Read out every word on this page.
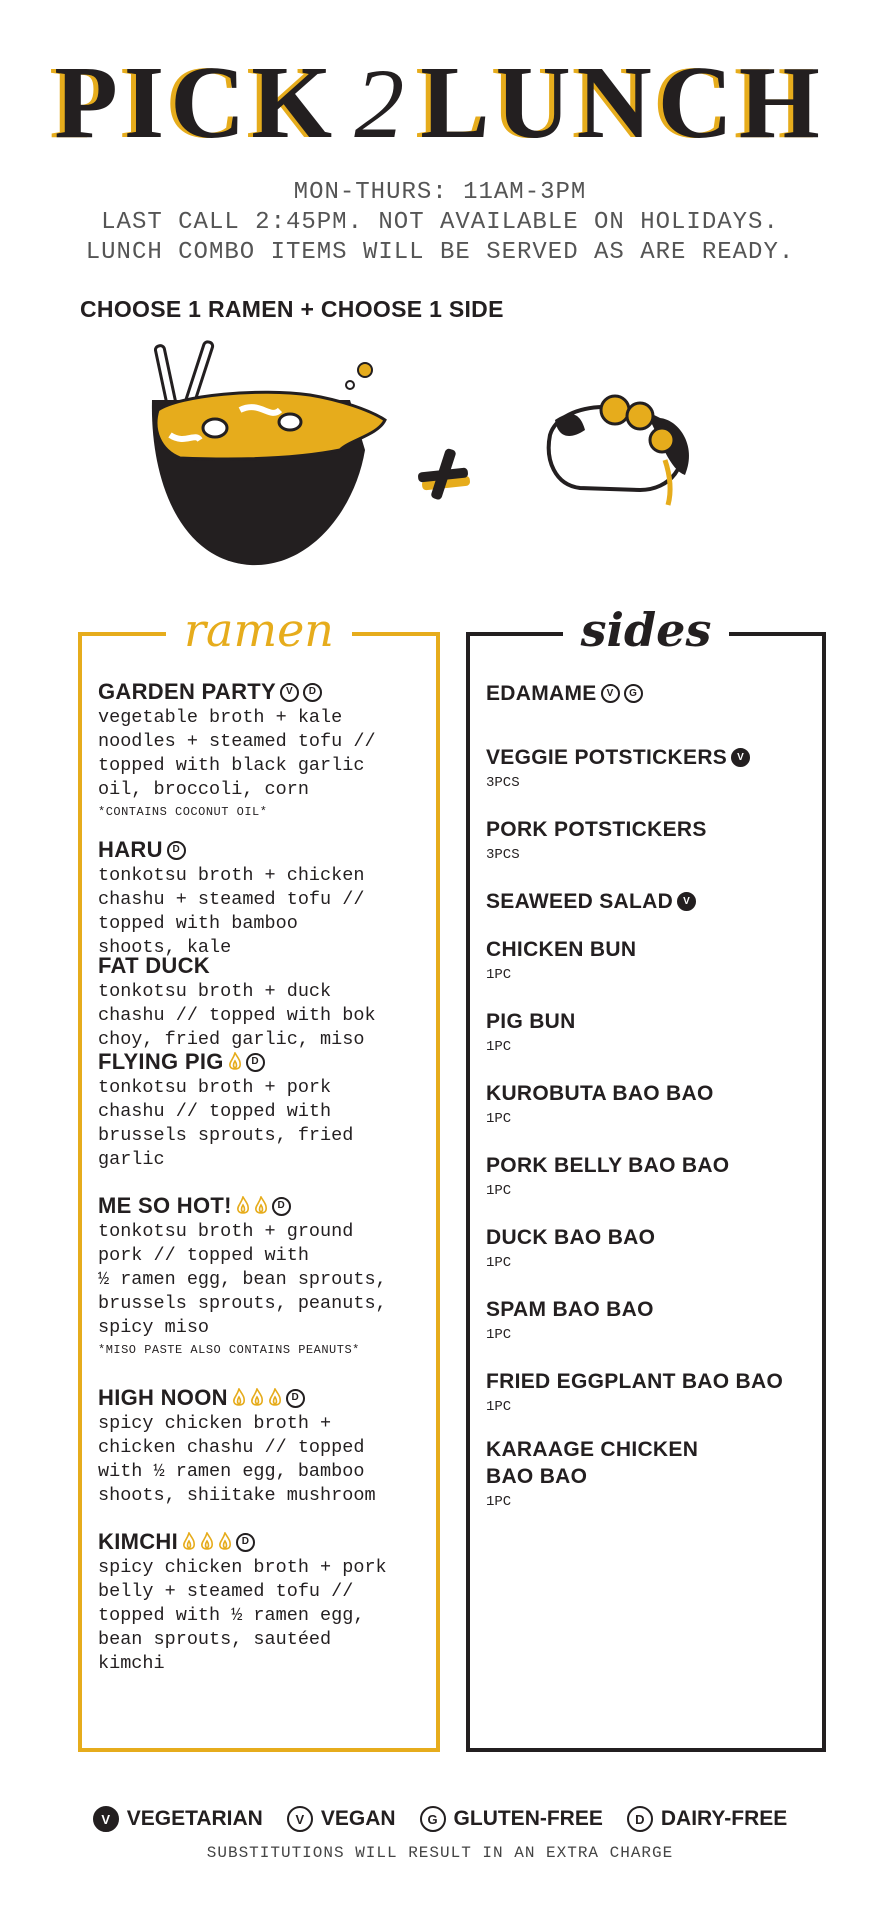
PICK 2 LUNCH
MON-THURS: 11AM-3PM
LAST CALL 2:45PM. NOT AVAILABLE ON HOLIDAYS.
LUNCH COMBO ITEMS WILL BE SERVED AS ARE READY.
CHOOSE 1 RAMEN + CHOOSE 1 SIDE
ramen
GARDEN PARTY	V	D
vegetable broth + kale
noodles + steamed tofu //
topped with black garlic
oil, broccoli, corn
*CONTAINS COCONUT OIL*
HARU D
tonkotsu broth + chicken
chashu + steamed tofu //
topped with bamboo
shoots, kale
FAT DUCK
tonkotsu broth + duck
chashu // topped with bok
choy, fried garlic, miso
FLYING PIG	D
tonkotsu broth + pork
chashu // topped with
brussels sprouts, fried
garlic
ME SO HOT!	D
tonkotsu broth + ground
pork // topped with
½ ramen egg, bean sprouts,
brussels sprouts, peanuts,
spicy miso
*MISO PASTE ALSO CONTAINS PEANUTS*
HIGH NOON	D
spicy chicken broth +
chicken chashu // topped
with ½ ramen egg, bamboo
shoots, shiitake mushroom
KIMCHI	D
spicy chicken broth + pork
belly + steamed tofu //
topped with ½ ramen egg,
bean sprouts, sautéed
kimchi
sides
EDAMAME	V	G
VEGGIE POTSTICKERS	V
3PCS
PORK POTSTICKERS
3PCS
SEAWEED SALAD	V
CHICKEN BUN
1PC
PIG BUN
1PC
KUROBUTA BAO BAO
1PC
PORK BELLY BAO BAO
1PC
DUCK BAO BAO
1PC
SPAM BAO BAO
1PC
FRIED EGGPLANT BAO BAO
1PC
KARAAGE CHICKEN
BAO BAO
1PC
V VEGETARIAN	V VEGAN	G GLUTEN-FREE	D DAIRY-FREE
SUBSTITUTIONS WILL RESULT IN AN EXTRA CHARGE
